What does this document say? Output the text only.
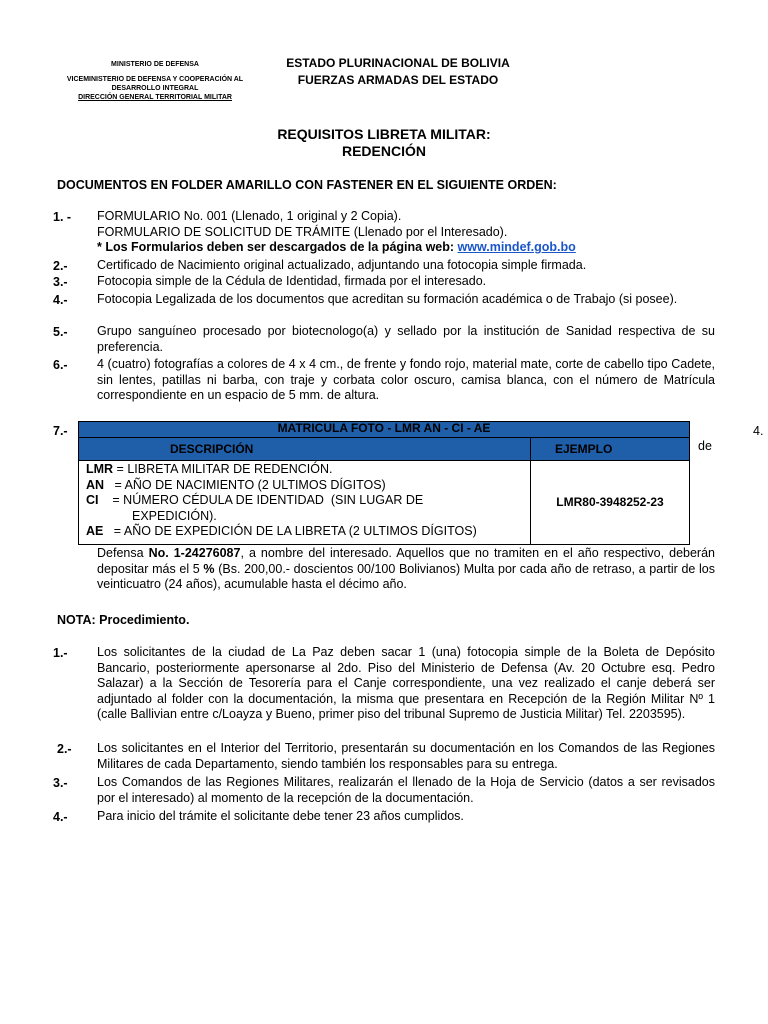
MINISTERIO DE DEFENSA
VICEMINISTERIO DE DEFENSA Y COOPERACIÓN AL
DESARROLLO INTEGRAL
DIRECCIÓN GENERAL TERRITORIAL MILITAR
ESTADO PLURINACIONAL DE BOLIVIA
FUERZAS ARMADAS DEL ESTADO
REQUISITOS LIBRETA MILITAR:
REDENCIÓN
DOCUMENTOS EN FOLDER AMARILLO CON FASTENER EN EL SIGUIENTE ORDEN:
1. - FORMULARIO No. 001 (Llenado, 1 original y 2 Copia).
FORMULARIO DE SOLICITUD DE TRÁMITE (Llenado por el Interesado).
* Los Formularios deben ser descargados de la página web: www.mindef.gob.bo
2.- Certificado de Nacimiento original actualizado, adjuntando una fotocopia simple firmada.
3.- Fotocopia simple de la Cédula de Identidad, firmada por el interesado.
4.- Fotocopia Legalizada de los documentos que acreditan su formación académica o de Trabajo (si posee).
5.- Grupo sanguíneo procesado por biotecnologo(a) y sellado por la institución de Sanidad respectiva de su preferencia.
6.- 4 (cuatro) fotografías a colores de 4 x 4 cm., de frente y fondo rojo, material mate, corte de cabello tipo Cadete, sin lentes, patillas ni barba, con traje y corbata color oscuro, camisa blanca, con el número de Matrícula correspondiente en un espacio de 5 mm. de altura.
7.-	4.
MATRICULA FOTO - LMR AN - CI - AE
DESCRIPCIÓN	EJEMPLO	de
LMR = LIBRETA MILITAR DE REDENCIÓN.
AN   = AÑO DE NACIMIENTO (2 ULTIMOS DÍGITOS)
CI    = NÚMERO CÉDULA DE IDENTIDAD  (SIN LUGAR DE
EXPEDICIÓN).
AE   = AÑO DE EXPEDICIÓN DE LA LIBRETA (2 ULTIMOS DÍGITOS)
LMR80-3948252-23
Defensa No. 1-24276087, a nombre del interesado. Aquellos que no tramiten en el año respectivo, deberán depositar más el 5 % (Bs. 200,00.- doscientos 00/100 Bolivianos) Multa por cada año de retraso, a partir de los veinticuatro (24 años), acumulable hasta el décimo año.
NOTA: Procedimiento.
1.- Los solicitantes de la ciudad de La Paz deben sacar 1 (una) fotocopia simple de la Boleta de Depósito Bancario, posteriormente apersonarse al 2do. Piso del Ministerio de Defensa (Av. 20 Octubre esq. Pedro Salazar) a la Sección de Tesorería para el Canje correspondiente, una vez realizado el canje deberá ser adjuntado al folder con la documentación, la misma que presentara en Recepción de la Región Militar Nº 1 (calle Ballivian entre c/Loayza y Bueno, primer piso del tribunal Supremo de Justicia Militar) Tel. 2203595).
2.- Los solicitantes en el Interior del Territorio, presentarán su documentación en los Comandos de las Regiones Militares de cada Departamento, siendo también los responsables para su entrega.
3.- Los Comandos de las Regiones Militares, realizarán el llenado de la Hoja de Servicio (datos a ser revisados por el interesado) al momento de la recepción de la documentación.
4.- Para inicio del trámite el solicitante debe tener 23 años cumplidos.
